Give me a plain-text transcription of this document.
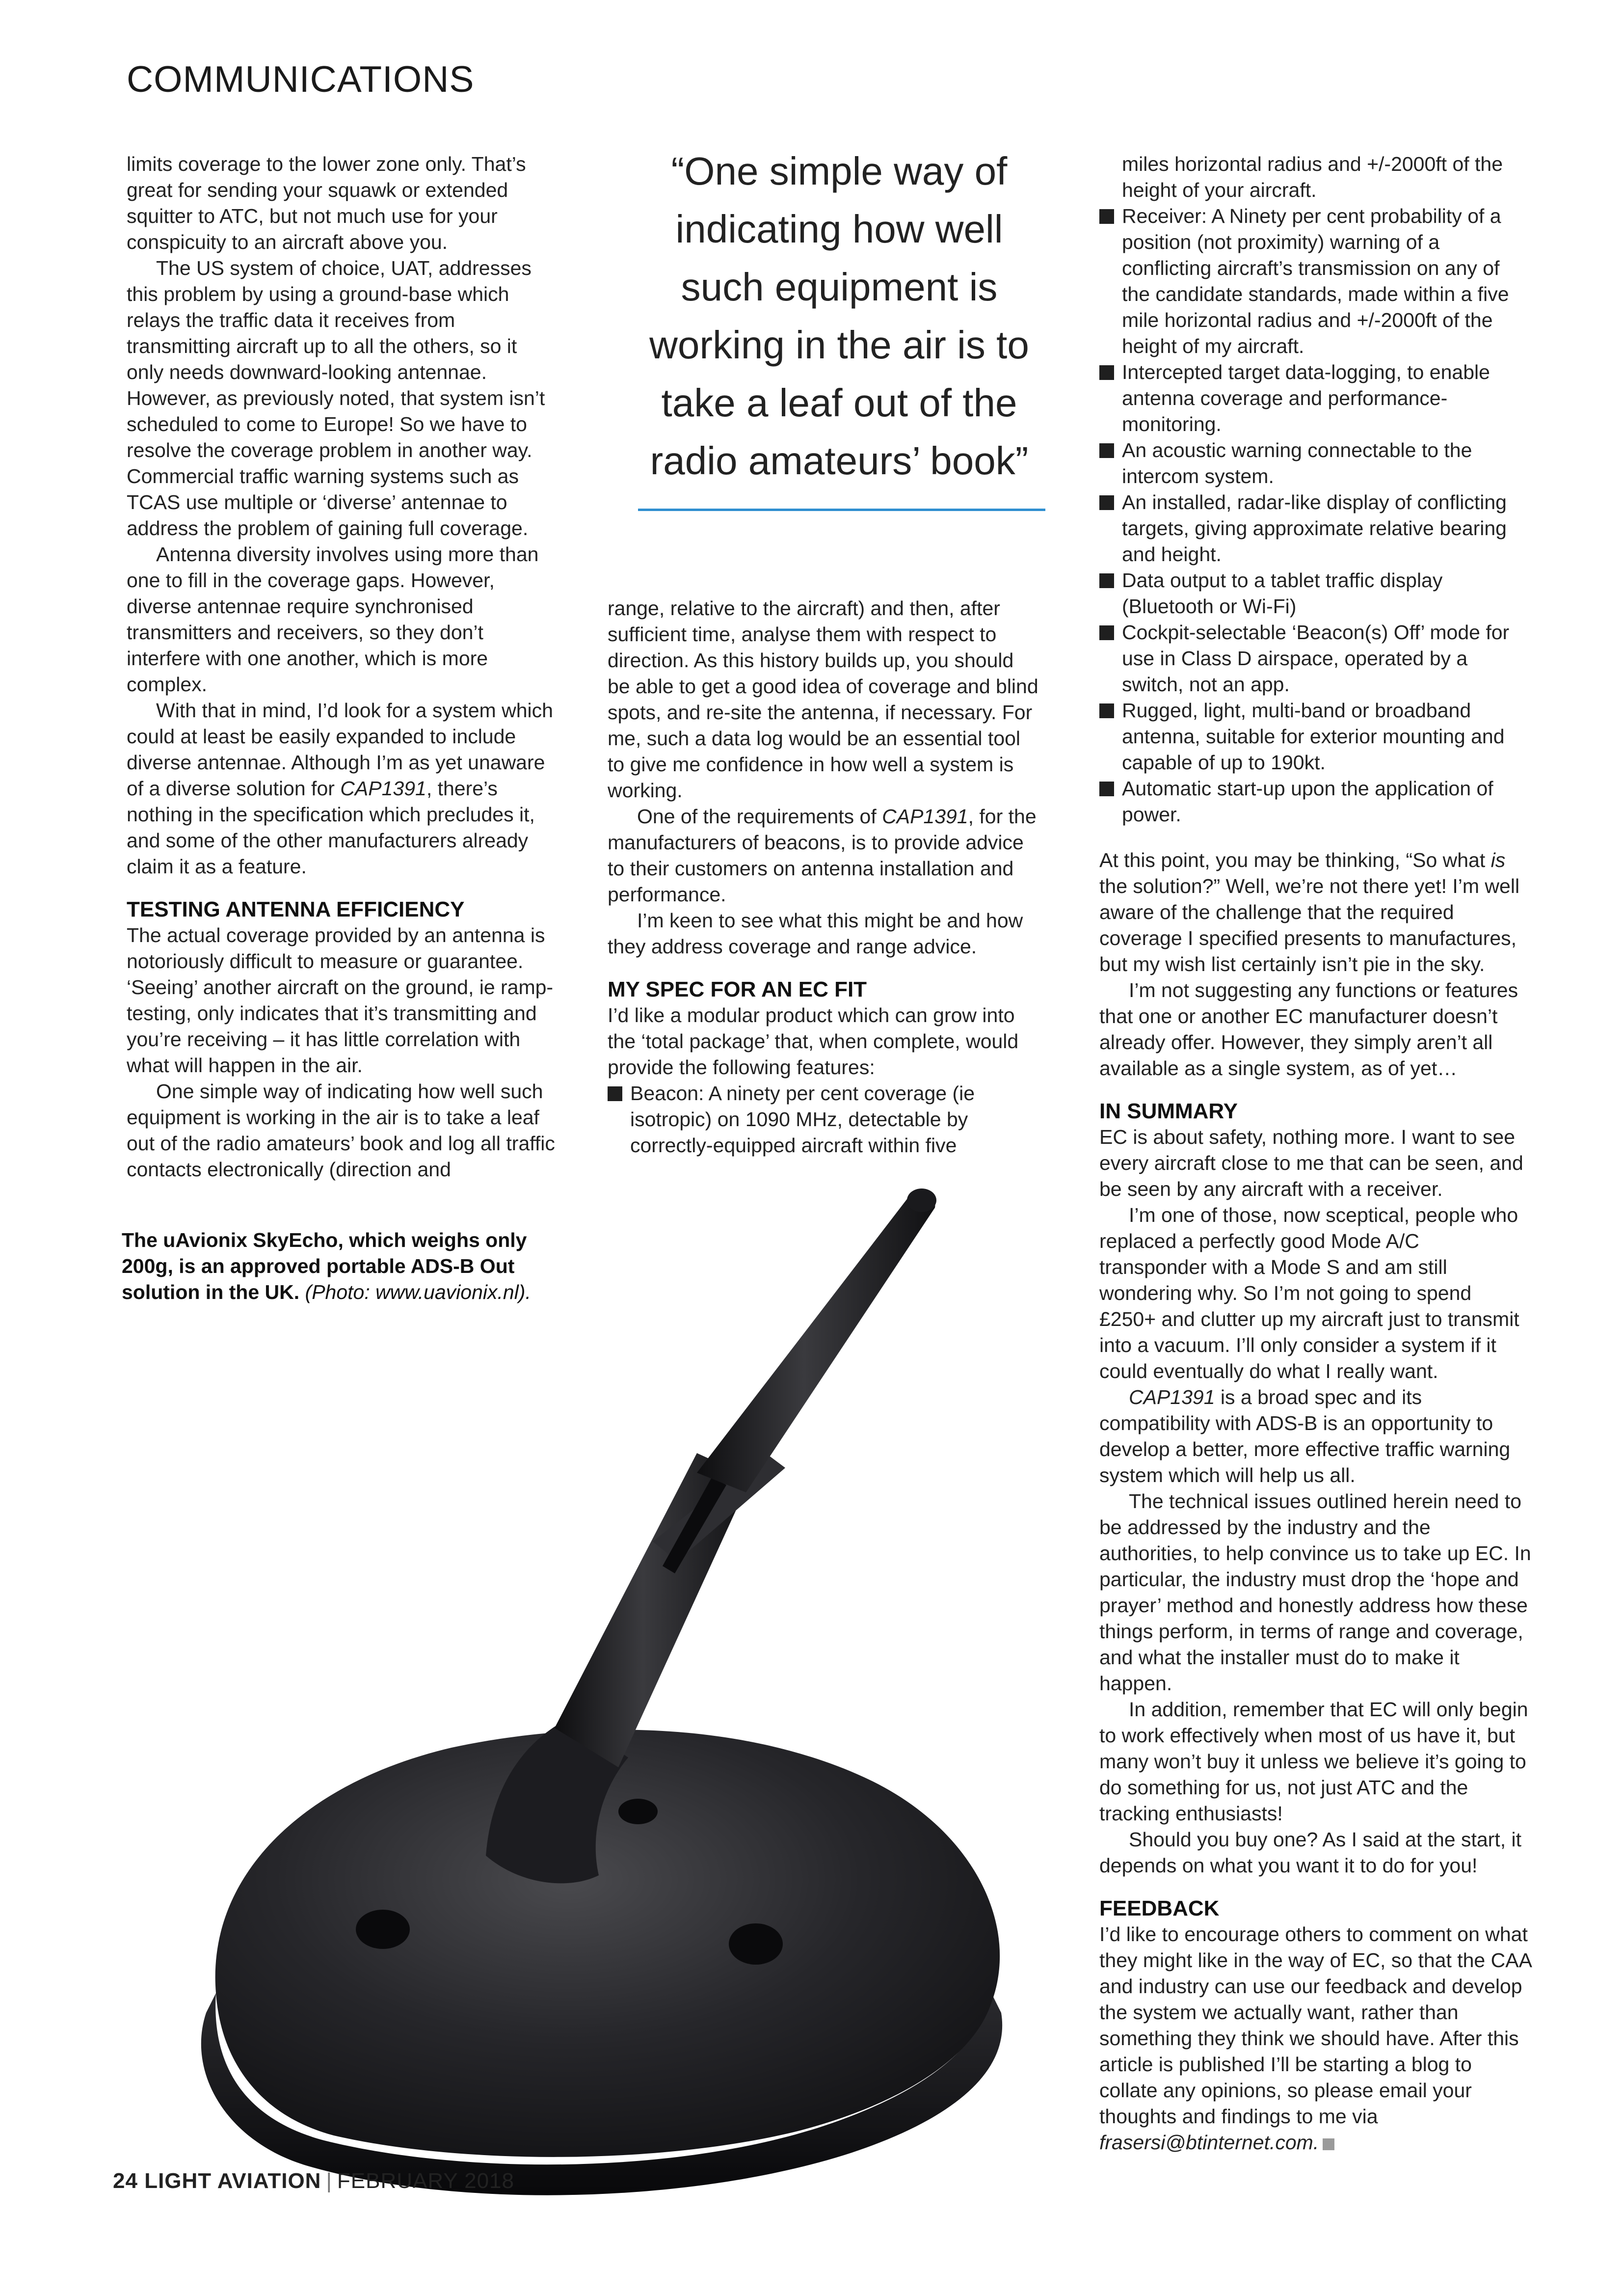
COMMUNICATIONS

limits coverage to the lower zone only. That’s great for sending your squawk or extended squitter to ATC, but not much use for your conspicuity to an aircraft above you.

The US system of choice, UAT, addresses this problem by using a ground-base which relays the traffic data it receives from transmitting aircraft up to all the others, so it only needs downward-looking antennae. However, as previously noted, that system isn’t scheduled to come to Europe! So we have to resolve the coverage problem in another way. Commercial traffic warning systems such as TCAS use multiple or ‘diverse’ antennae to address the problem of gaining full coverage.

Antenna diversity involves using more than one to fill in the coverage gaps. However, diverse antennae require synchronised transmitters and receivers, so they don’t interfere with one another, which is more complex.

With that in mind, I’d look for a system which could at least be easily expanded to include diverse antennae. Although I’m as yet unaware of a diverse solution for CAP1391, there’s nothing in the specification which precludes it, and some of the other manufacturers already claim it as a feature.

TESTING ANTENNA EFFICIENCY

The actual coverage provided by an antenna is notoriously difficult to measure or guarantee. ‘Seeing’ another aircraft on the ground, ie ramp-testing, only indicates that it’s transmitting and you’re receiving – it has little correlation with what will happen in the air.

One simple way of indicating how well such equipment is working in the air is to take a leaf out of the radio amateurs’ book and log all traffic contacts electronically (direction and

“One simple way of indicating how well such equipment is working in the air is to take a leaf out of the radio amateurs’ book”

range, relative to the aircraft) and then, after sufficient time, analyse them with respect to direction. As this history builds up, you should be able to get a good idea of coverage and blind spots, and re-site the antenna, if necessary. For me, such a data log would be an essential tool to give me confidence in how well a system is working.

One of the requirements of CAP1391, for the manufacturers of beacons, is to provide advice to their customers on antenna installation and performance.

I’m keen to see what this might be and how they address coverage and range advice.

MY SPEC FOR AN EC FIT

I’d like a modular product which can grow into the ‘total package’ that, when complete, would provide the following features:

Beacon: A ninety per cent coverage (ie isotropic) on 1090 MHz, detectable by correctly-equipped aircraft within five
miles horizontal radius and +/-2000ft of the height of your aircraft.
Receiver: A Ninety per cent probability of a position (not proximity) warning of a conflicting aircraft’s transmission on any of the candidate standards, made within a five mile horizontal radius and +/-2000ft of the height of my aircraft.
Intercepted target data-logging, to enable antenna coverage and performance-monitoring.
An acoustic warning connectable to the intercom system.
An installed, radar-like display of conflicting targets, giving approximate relative bearing and height.
Data output to a tablet traffic display (Bluetooth or Wi-Fi)
Cockpit-selectable ‘Beacon(s) Off’ mode for use in Class D airspace, operated by a switch, not an app.
Rugged, light, multi-band or broadband antenna, suitable for exterior mounting and capable of up to 190kt.
Automatic start-up upon the application of power.

At this point, you may be thinking, “So what is the solution?” Well, we’re not there yet! I’m well aware of the challenge that the required coverage I specified presents to manufactures, but my wish list certainly isn’t pie in the sky.

I’m not suggesting any functions or features that one or another EC manufacturer doesn’t already offer. However, they simply aren’t all available as a single system, as of yet…

IN SUMMARY

EC is about safety, nothing more. I want to see every aircraft close to me that can be seen, and be seen by any aircraft with a receiver.

I’m one of those, now sceptical, people who replaced a perfectly good Mode A/C transponder with a Mode S and am still wondering why. So I’m not going to spend £250+ and clutter up my aircraft just to transmit into a vacuum. I’ll only consider a system if it could eventually do what I really want.

CAP1391 is a broad spec and its compatibility with ADS-B is an opportunity to develop a better, more effective traffic warning system which will help us all.

The technical issues outlined herein need to be addressed by the industry and the authorities, to help convince us to take up EC. In particular, the industry must drop the ‘hope and prayer’ method and honestly address how these things perform, in terms of range and coverage, and what the installer must do to make it happen.

In addition, remember that EC will only begin to work effectively when most of us have it, but many won’t buy it unless we believe it’s going to do something for us, not just ATC and the tracking enthusiasts!

Should you buy one? As I said at the start, it depends on what you want it to do for you!

FEEDBACK

I’d like to encourage others to comment on what they might like in the way of EC, so that the CAA and industry can use our feedback and develop the system we actually want, rather than something they think we should have. After this article is published I’ll be starting a blog to collate any opinions, so please email your thoughts and findings to me via frasersi@btinternet.com.

The uAvionix SkyEcho, which weighs only 200g, is an approved portable ADS-B Out solution in the UK. (Photo: www.uavionix.nl).
24 LIGHT AVIATION | FEBRUARY 2018
